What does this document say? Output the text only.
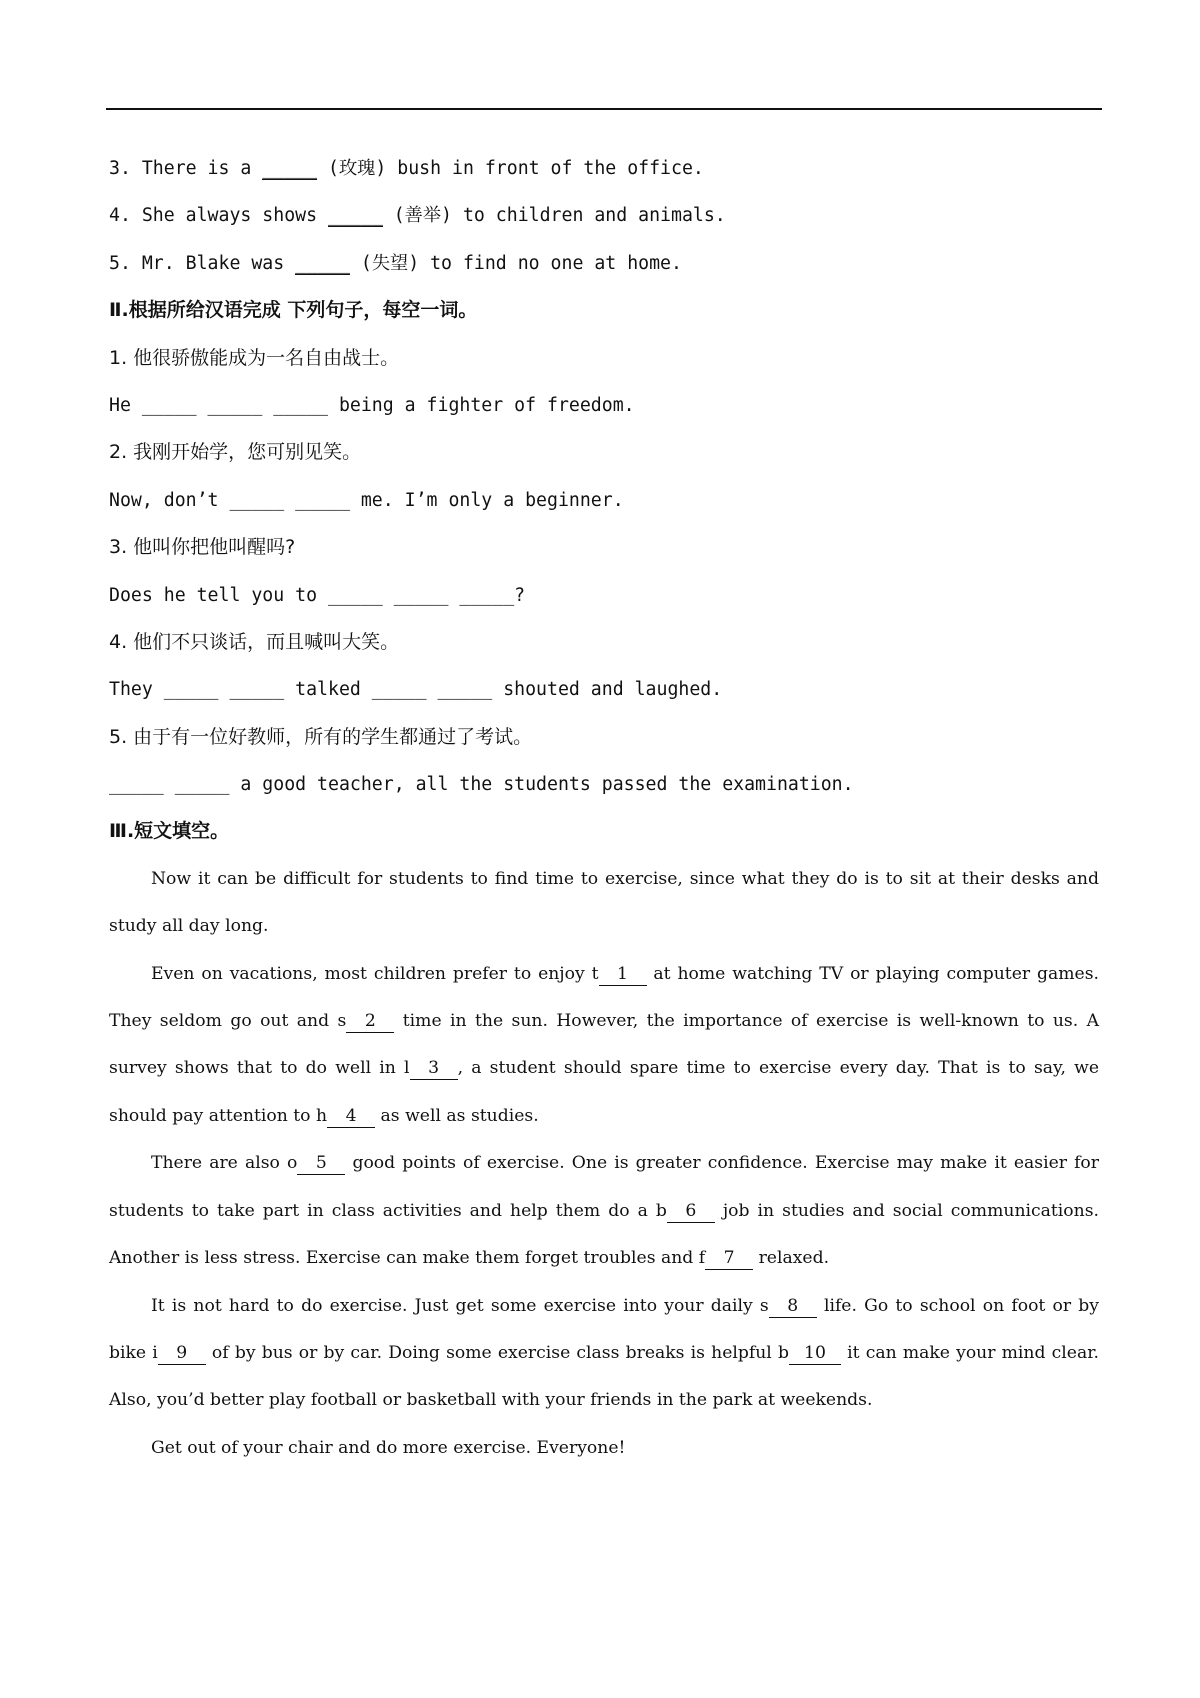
3. There is a _____ (玫瑰) bush in front of the office.
4. She always shows _____ (善举) to children and animals.
5. Mr. Blake was _____ (失望) to find no one at home.
Ⅱ.根据所给汉语完成 下列句子，每空一词。
1. 他很骄傲能成为一名自由战士。
He _____ _____ _____ being a fighter of freedom.
2. 我刚开始学，您可别见笑。
Now, don’t _____ _____ me. I’m only a beginner.
3. 他叫你把他叫醒吗?
Does he tell you to _____ _____ _____?
4. 他们不只谈话，而且喊叫大笑。
They _____ _____ talked _____ _____ shouted and laughed.
5. 由于有一位好教师，所有的学生都通过了考试。
_____ _____ a good teacher, all the students passed the examination.
Ⅲ.短文填空。

Now it can be difficult for students to find time to exercise, since what they do is to sit at their desks and study all day long.

Even on vacations, most children prefer to enjoy t 1 at home watching TV or playing computer games. They seldom go out and s 2 time in the sun. However, the importance of exercise is well-known to us. A survey shows that to do well in l 3 , a student should spare time to exercise every day. That is to say, we should pay attention to h 4 as well as studies.

There are also o 5 good points of exercise. One is greater confidence. Exercise may make it easier for students to take part in class activities and help them do a b 6 job in studies and social communications. Another is less stress. Exercise can make them forget troubles and f 7 relaxed.

It is not hard to do exercise. Just get some exercise into your daily s 8 life. Go to school on foot or by bike i 9 of by bus or by car. Doing some exercise class breaks is helpful b 10 it can make your mind clear. Also, you’d better play football or basketball with your friends in the park at weekends.

Get out of your chair and do more exercise. Everyone!
